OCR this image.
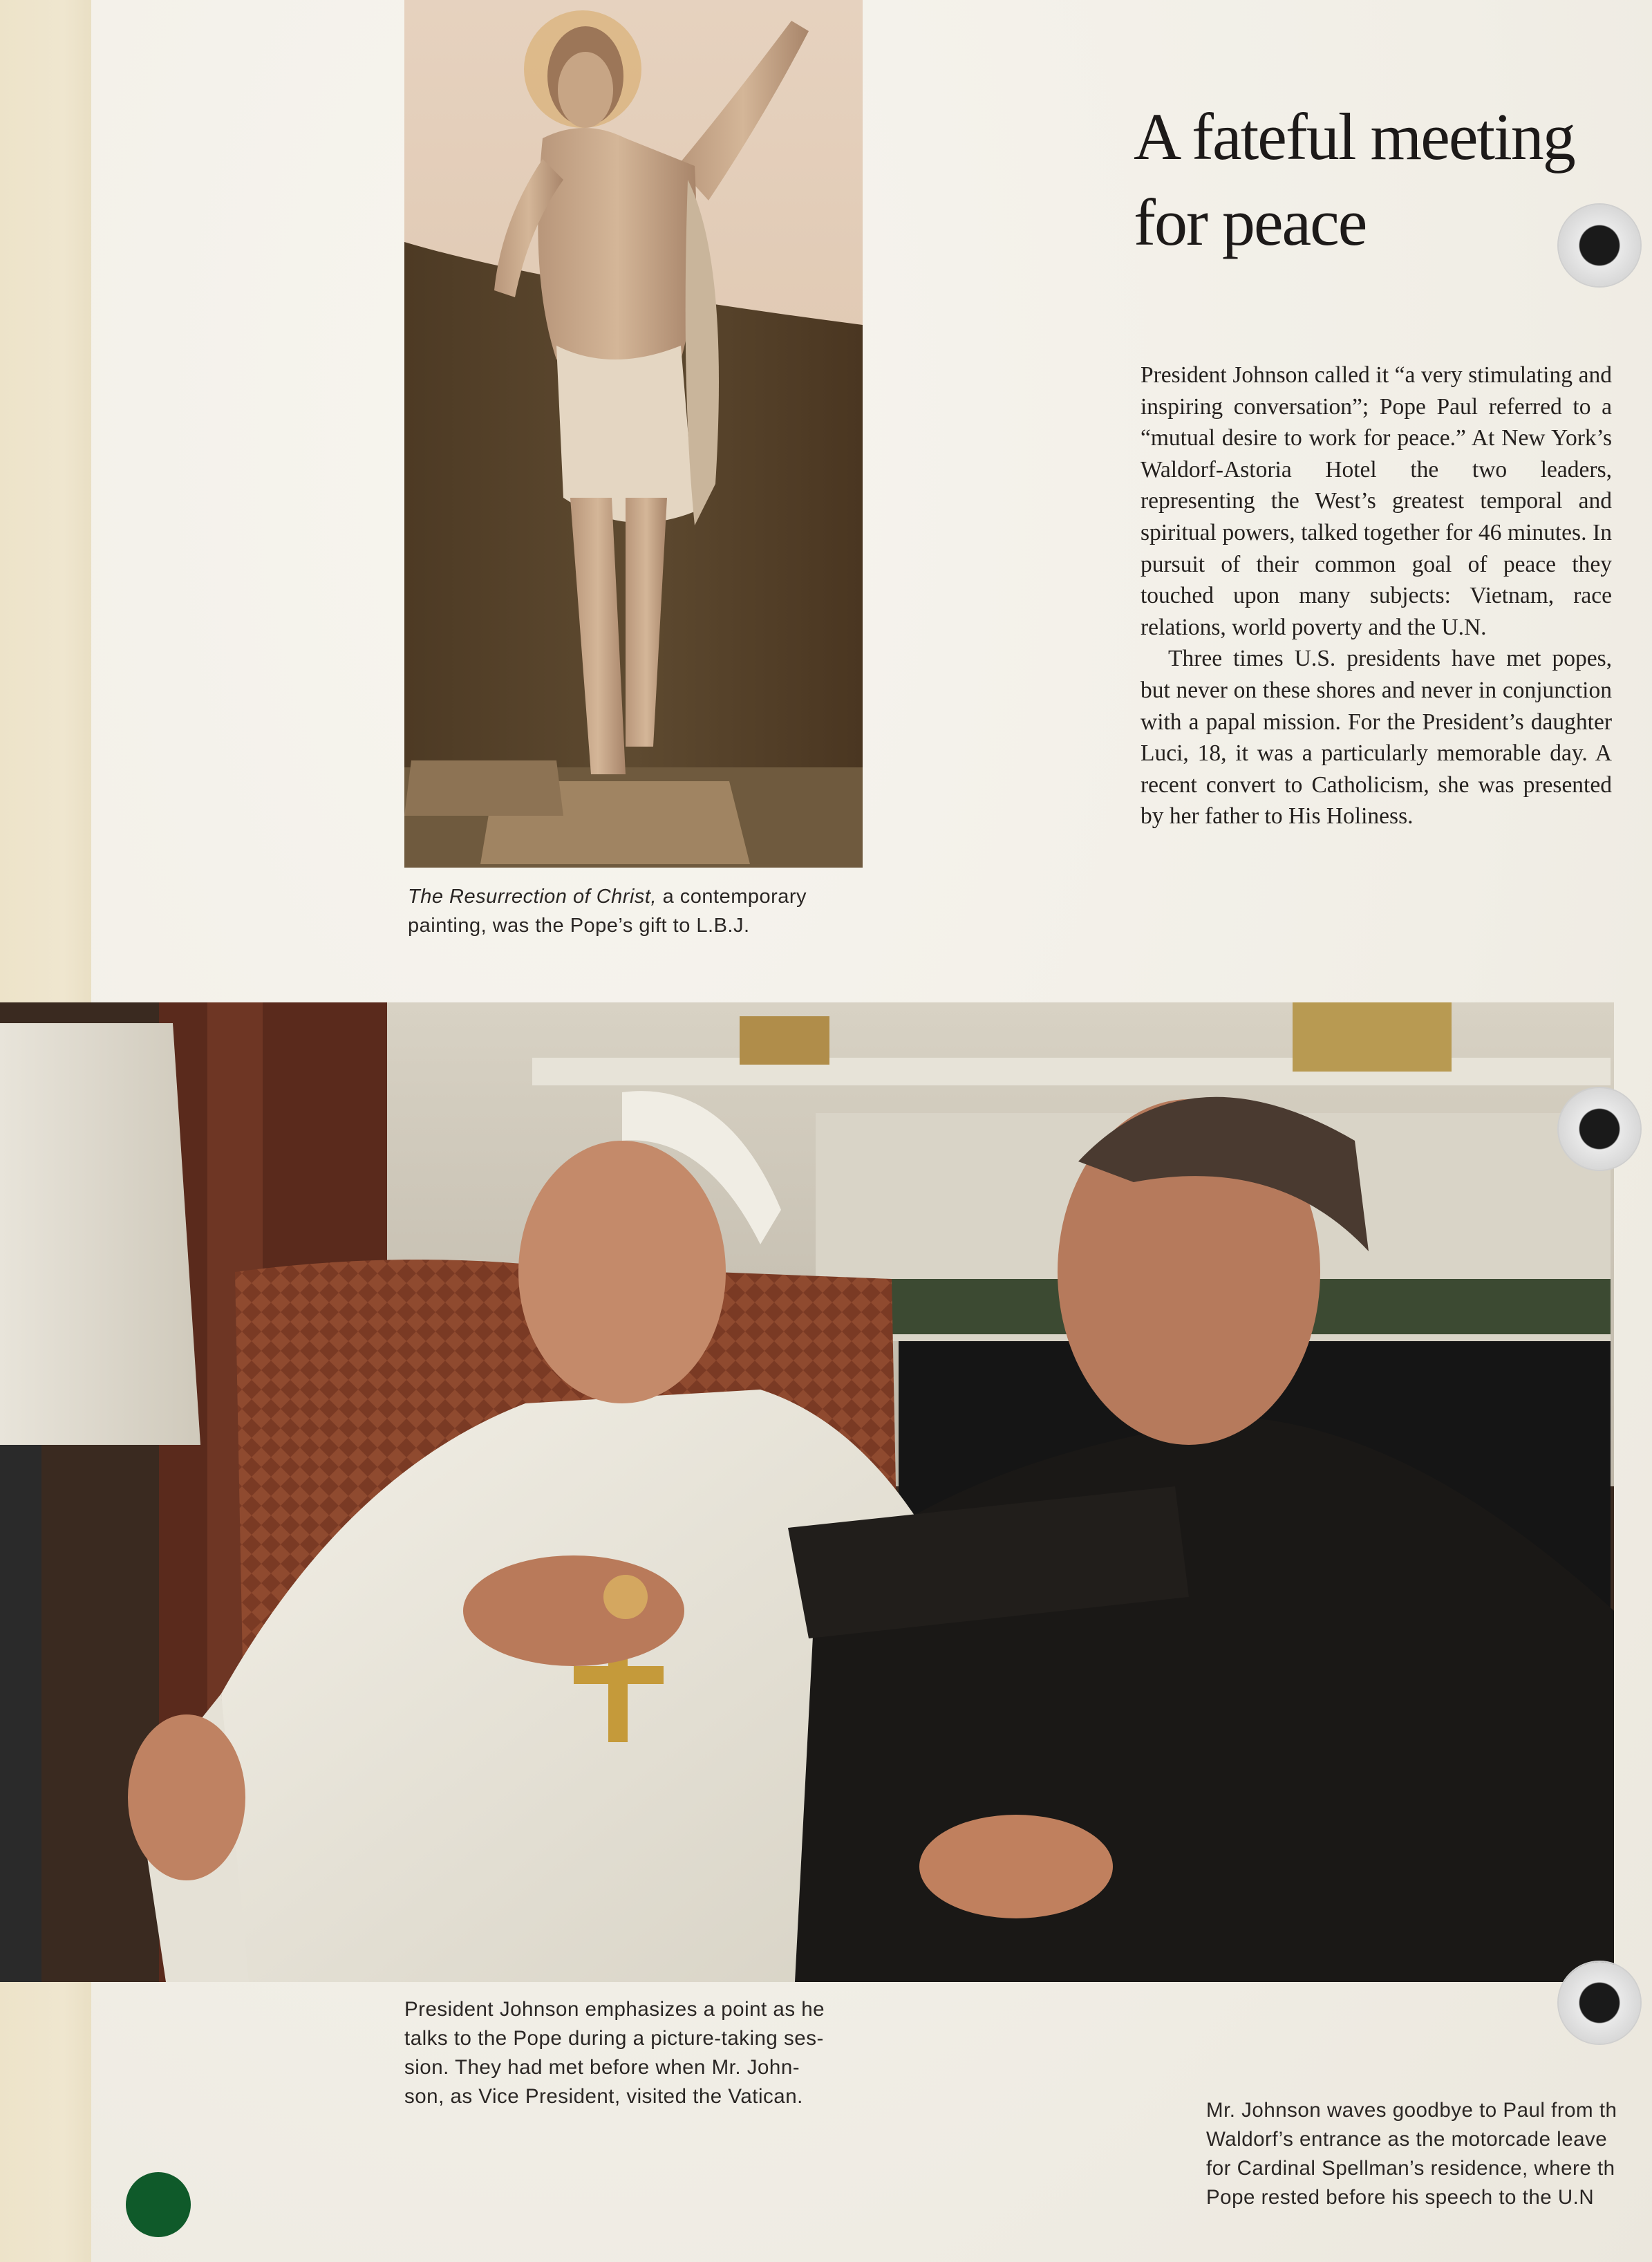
The Resurrection of Christ, a contemporary
painting, was the Pope’s gift to L.B.J.
A fateful meeting
for peace

President Johnson called it “a very stimulating and inspiring conversation”; Pope Paul referred to a “mutual desire to work for peace.” At New York’s Waldorf-Astoria Hotel the two leaders, representing the West’s greatest temporal and spiritual powers, talked together for 46 minutes. In pursuit of their common goal of peace they touched upon many subjects: Vietnam, race relations, world poverty and the U.N.

Three times U.S. presidents have met popes, but never on these shores and never in conjunction with a papal mission. For the President’s daughter Luci, 18, it was a particularly memorable day. A recent convert to Catholicism, she was presented by her father to His Holiness.

President Johnson emphasizes a point as he
talks to the Pope during a picture-taking ses-
sion. They had met before when Mr. John-
son, as Vice President, visited the Vatican.
Mr. Johnson waves goodbye to Paul from th
Waldorf’s entrance as the motorcade leave
for Cardinal Spellman’s residence, where th
Pope rested before his speech to the U.N
